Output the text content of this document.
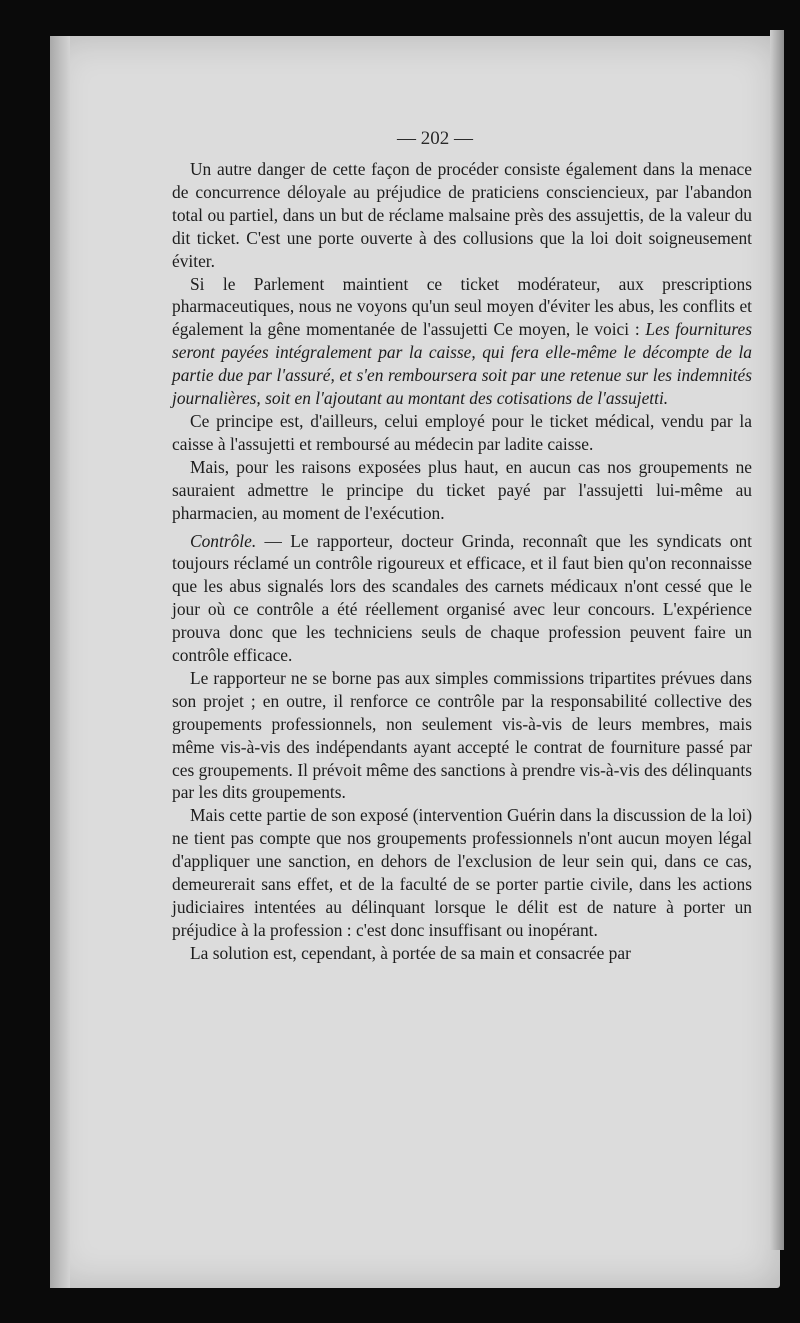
— 202 —

Un autre danger de cette façon de procéder consiste également dans la menace de concurrence déloyale au préjudice de praticiens consciencieux, par l'abandon total ou partiel, dans un but de réclame malsaine près des assujettis, de la valeur du dit ticket. C'est une porte ouverte à des collusions que la loi doit soigneusement éviter.

Si le Parlement maintient ce ticket modérateur, aux prescriptions pharmaceutiques, nous ne voyons qu'un seul moyen d'éviter les abus, les conflits et également la gêne momentanée de l'assujetti Ce moyen, le voici : Les fournitures seront payées intégralement par la caisse, qui fera elle-même le décompte de la partie due par l'assuré, et s'en remboursera soit par une retenue sur les indemnités journalières, soit en l'ajoutant au montant des cotisations de l'assujetti.

Ce principe est, d'ailleurs, celui employé pour le ticket médical, vendu par la caisse à l'assujetti et remboursé au médecin par ladite caisse.

Mais, pour les raisons exposées plus haut, en aucun cas nos groupements ne sauraient admettre le principe du ticket payé par l'assujetti lui-même au pharmacien, au moment de l'exécution.

Contrôle. — Le rapporteur, docteur Grinda, reconnaît que les syndicats ont toujours réclamé un contrôle rigoureux et efficace, et il faut bien qu'on reconnaisse que les abus signalés lors des scandales des carnets médicaux n'ont cessé que le jour où ce contrôle a été réellement organisé avec leur concours. L'expérience prouva donc que les techniciens seuls de chaque profession peuvent faire un contrôle efficace.

Le rapporteur ne se borne pas aux simples commissions tripartites prévues dans son projet ; en outre, il renforce ce contrôle par la responsabilité collective des groupements professionnels, non seulement vis-à-vis de leurs membres, mais même vis-à-vis des indépendants ayant accepté le contrat de fourniture passé par ces groupements. Il prévoit même des sanctions à prendre vis-à-vis des délinquants par les dits groupements.

Mais cette partie de son exposé (intervention Guérin dans la discussion de la loi) ne tient pas compte que nos groupements professionnels n'ont aucun moyen légal d'appliquer une sanction, en dehors de l'exclusion de leur sein qui, dans ce cas, demeurerait sans effet, et de la faculté de se porter partie civile, dans les actions judiciaires intentées au délinquant lorsque le délit est de nature à porter un préjudice à la profession : c'est donc insuffisant ou inopérant.

La solution est, cependant, à portée de sa main et consacrée par
